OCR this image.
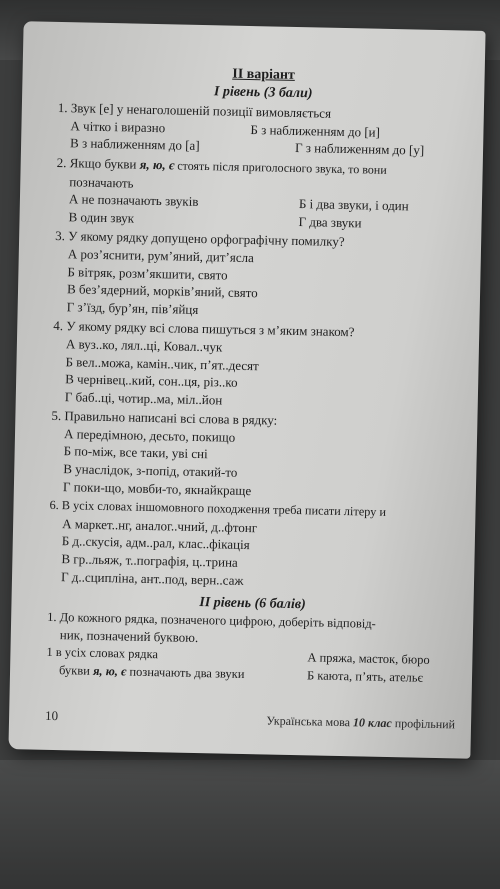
ІІ варіант
І рівень (3 бали)
1. Звук [е] у ненаголошеній позиції вимовляється
А чітко і виразно	Б з наближенням до [и]
В з наближенням до [а]	Г з наближенням до [у]
2. Якщо букви я, ю, є стоять після приголосного звука, то вони
позначають
А не позначають звуків	Б і два звуки, і один
В один звук	Г два звуки
3. У якому рядку допущено орфографічну помилку?
А роз’яснити, рум’яний, дит’ясла
Б вітряк, розм’якшити, свято
В без’ядерний, морків’яний, свято
Г з’їзд, бур’ян, пів’яйця
4. У якому рядку всі слова пишуться з м’яким знаком?
А вуз..ко, лял..ці, Ковал..чук
Б вел..можа, камін..чик, п’ят..десят
В чернівец..кий, сон..ця, різ..ко
Г баб..ці, чотир..ма, міл..йон
5. Правильно написані всі слова в рядку:
А передімною, десьто, покищо
Б по-між, все таки, уві сні
В унаслідок, з-попід, отакий-то
Г поки-що, мовби-то, якнайкраще
6. В усіх словах іншомовного походження треба писати літеру и
А маркет..нг, аналог..чний, д..фтонг
Б д..скусія, адм..рал, клас..фікація
В гр..льяж, т..пографія, ц..трина
Г д..сципліна, ант..под, верн..саж
ІІ рівень (6 балів)
1. До кожного рядка, позначеного цифрою, доберіть відповід-
ник, позначений буквою.
1 в усіх словах рядка	А пряжа, масток, бюро
букви я, ю, є позначають два звуки	Б каюта, п’ять, ательє
10	Українська мова 10 клас профільний
